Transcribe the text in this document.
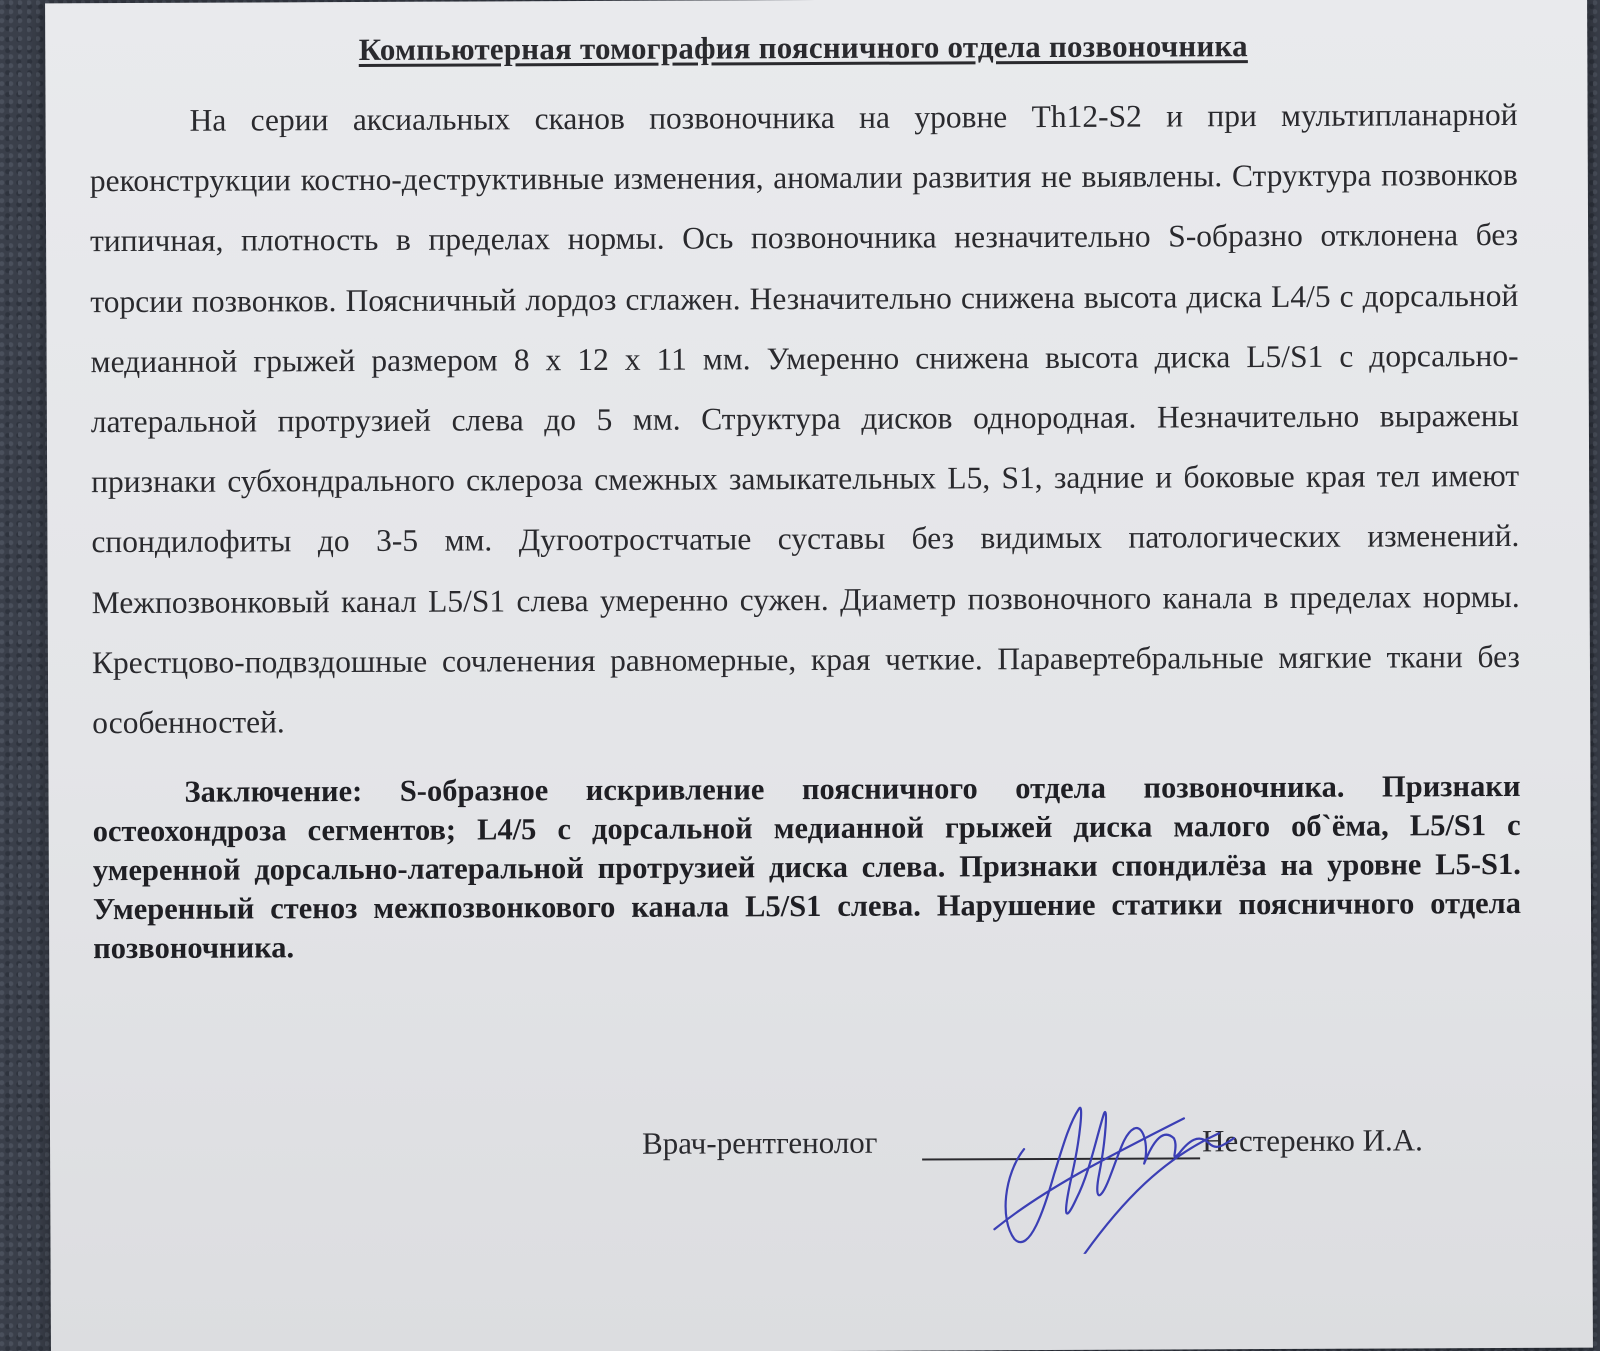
Компьютерная томография поясничного отдела позвоночника

На серии аксиальных сканов позвоночника на уровне Th12-S2 и при мультипланарной реконструкции костно-деструктивные изменения, аномалии развития не выявлены. Структура позвонков типичная, плотность в пределах нормы. Ось позвоночника незначительно S-образно отклонена без торсии позвонков. Поясничный лордоз сглажен. Незначительно снижена высота диска L4/5 с дорсальной медианной грыжей размером 8 х 12 х 11 мм. Умеренно снижена высота диска L5/S1 с дорсально-латеральной протрузией слева до 5 мм. Структура дисков однородная. Незначительно выражены признаки субхондрального склероза смежных замыкательных L5, S1, задние и боковые края тел имеют спондилофиты до 3-5 мм. Дугоотростчатые суставы без видимых патологических изменений. Межпозвонковый канал L5/S1 слева умеренно сужен. Диаметр позвоночного канала в пределах нормы. Крестцово-подвздошные сочленения равномерные, края четкие. Паравертебральные мягкие ткани без особенностей.

Заключение: S-образное искривление поясничного отдела позвоночника. Признаки остеохондроза сегментов; L4/5 с дорсальной медианной грыжей диска малого об`ёма, L5/S1 с умеренной дорсально-латеральной протрузией диска слева. Признаки спондилёза на уровне L5-S1. Умеренный стеноз межпозвонкового канала L5/S1 слева. Нарушение статики поясничного отдела позвоночника.

Врач-рентгенолог	Нестеренко И.А.
